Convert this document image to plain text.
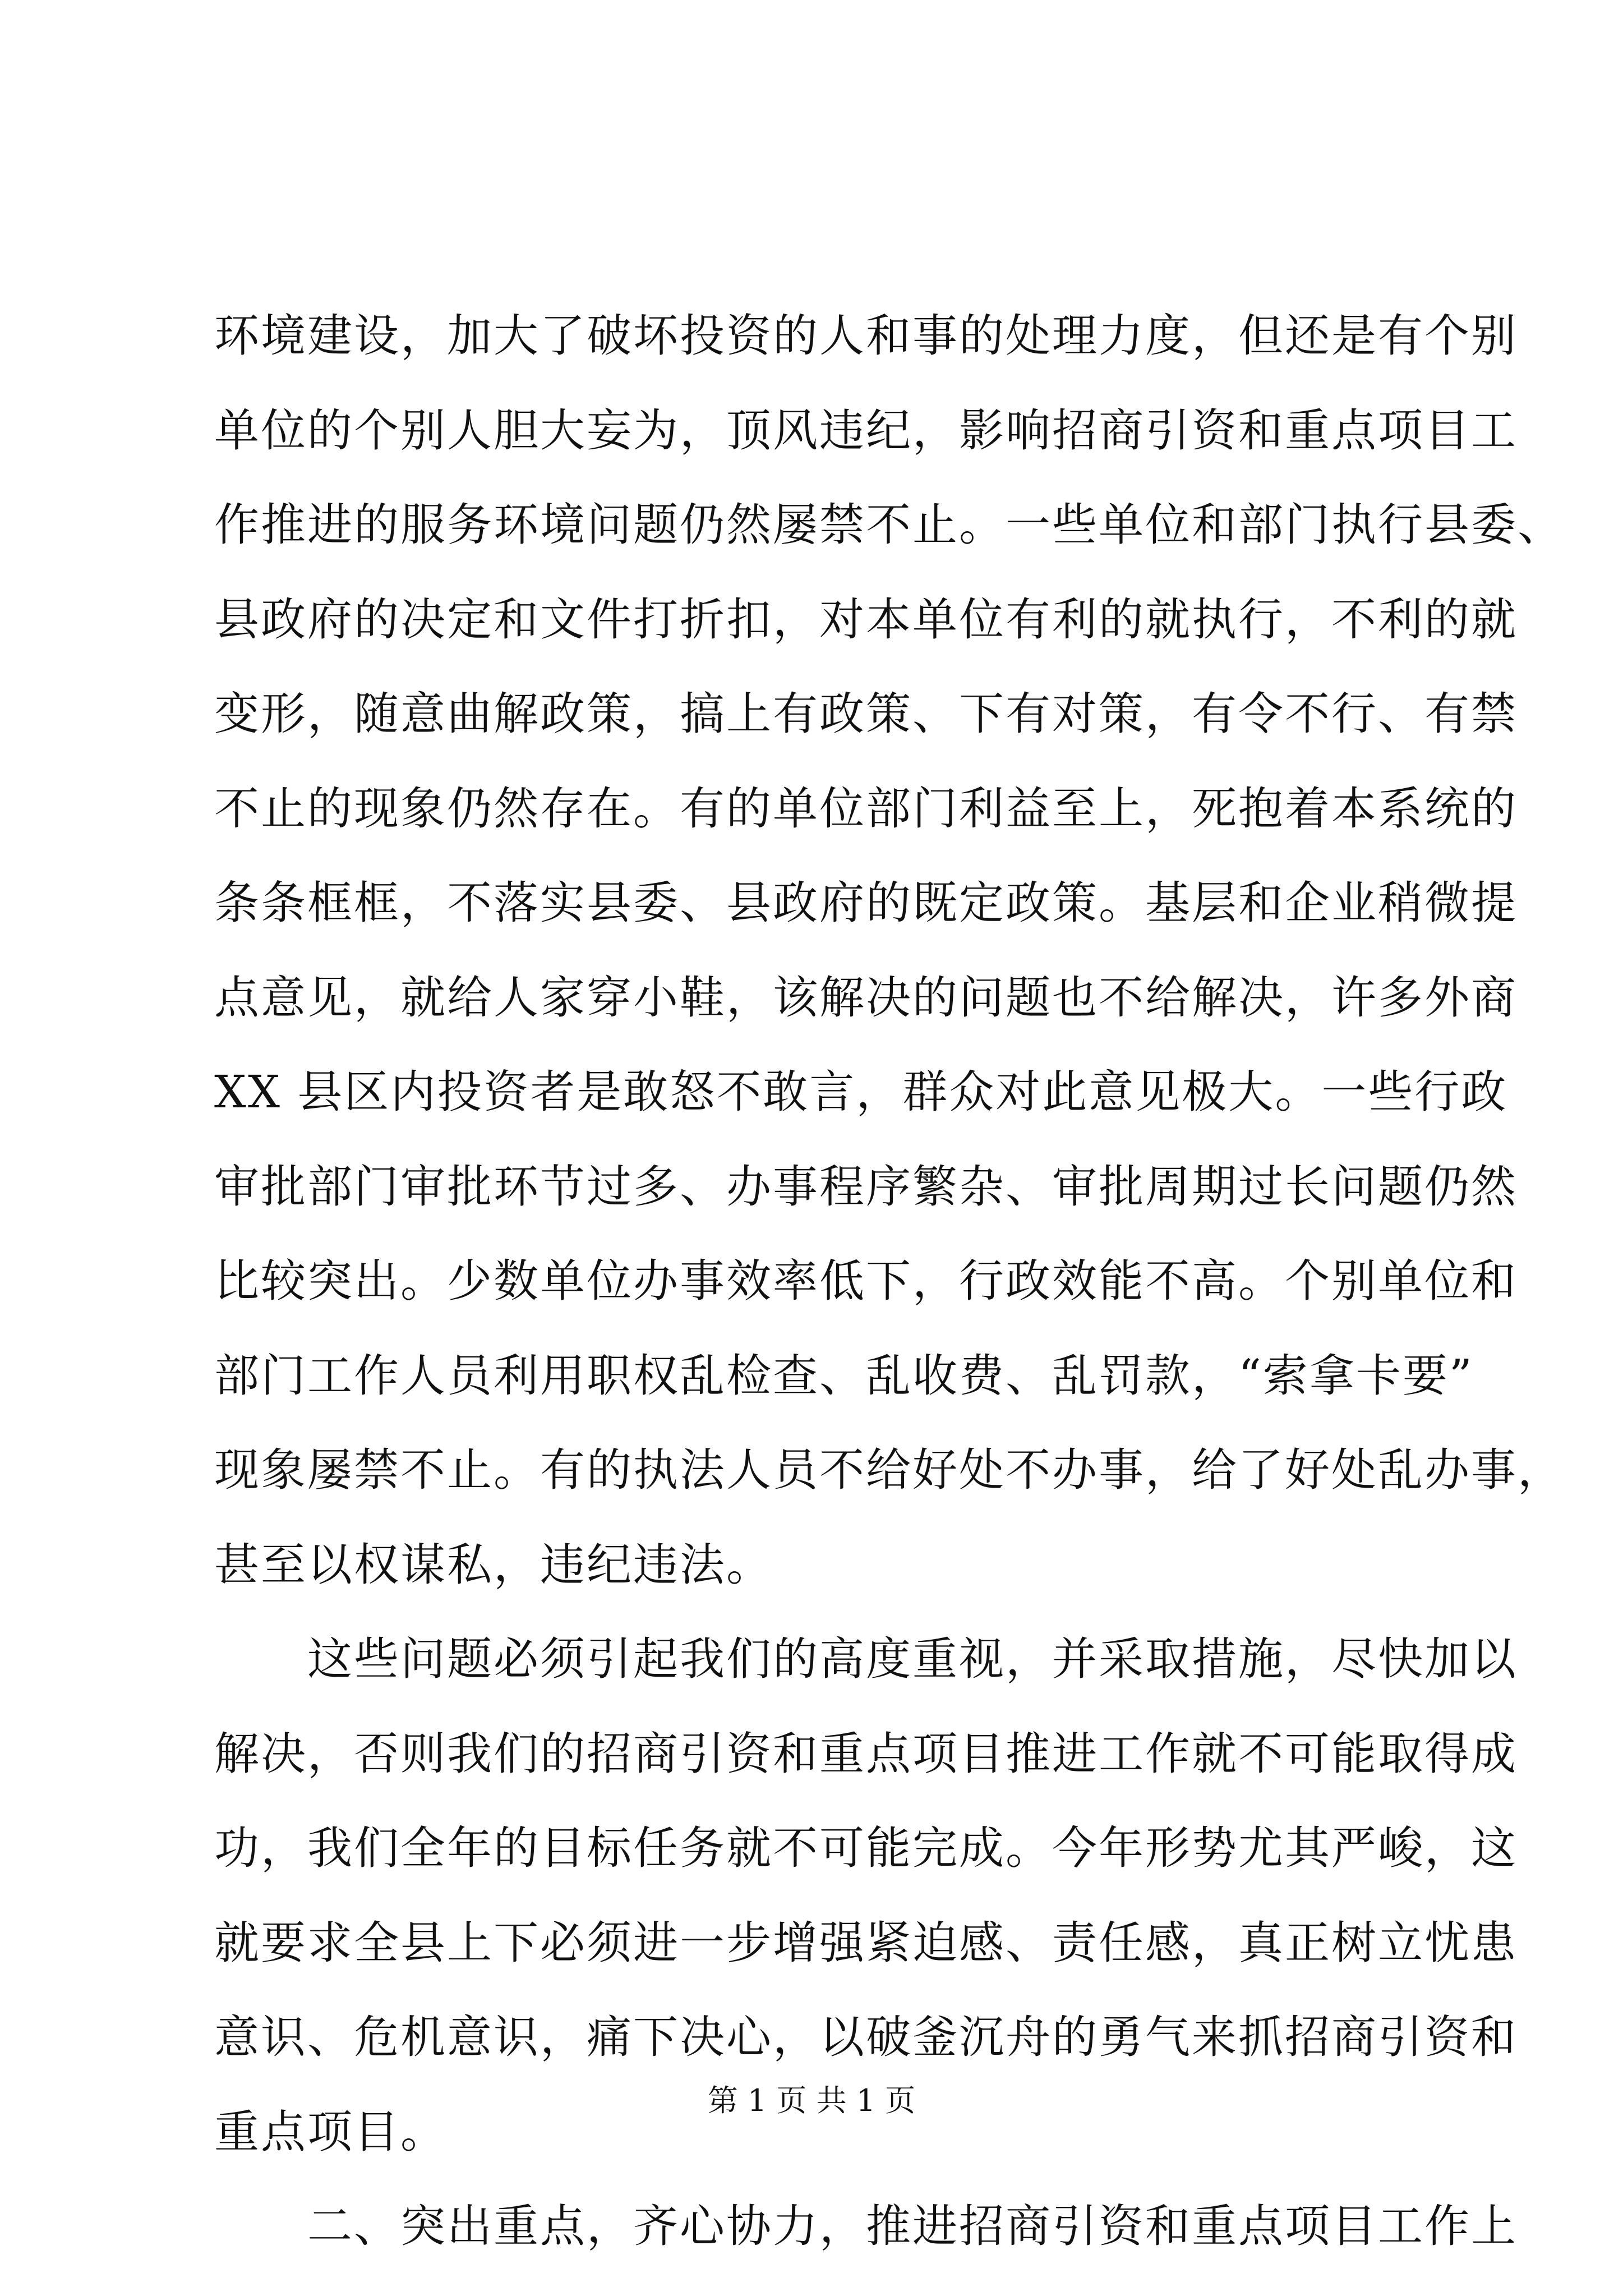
环境建设，加大了破坏投资的人和事的处理力度，但还是有个别
单位的个别人胆大妄为，顶风违纪，影响招商引资和重点项目工
作推进的服务环境问题仍然屡禁不止。一些单位和部门执行县委、
县政府的决定和文件打折扣，对本单位有利的就执行，不利的就
变形，随意曲解政策，搞上有政策、下有对策，有令不行、有禁
不止的现象仍然存在。有的单位部门利益至上，死抱着本系统的
条条框框，不落实县委、县政府的既定政策。基层和企业稍微提
点意见，就给人家穿小鞋，该解决的问题也不给解决，许多外商
XX 县区内投资者是敢怒不敢言，群众对此意见极大。一些行政
审批部门审批环节过多、办事程序繁杂、审批周期过长问题仍然
比较突出。少数单位办事效率低下，行政效能不高。个别单位和
部门工作人员利用职权乱检查、乱收费、乱罚款，“索拿卡要”
现象屡禁不止。有的执法人员不给好处不办事，给了好处乱办事，
甚至以权谋私，违纪违法。
　　这些问题必须引起我们的高度重视，并采取措施，尽快加以
解决，否则我们的招商引资和重点项目推进工作就不可能取得成
功，我们全年的目标任务就不可能完成。今年形势尤其严峻，这
就要求全县上下必须进一步增强紧迫感、责任感，真正树立忧患
意识、危机意识，痛下决心，以破釜沉舟的勇气来抓招商引资和
重点项目。
　　二、突出重点，齐心协力，推进招商引资和重点项目工作上
第 1 页 共 1 页
